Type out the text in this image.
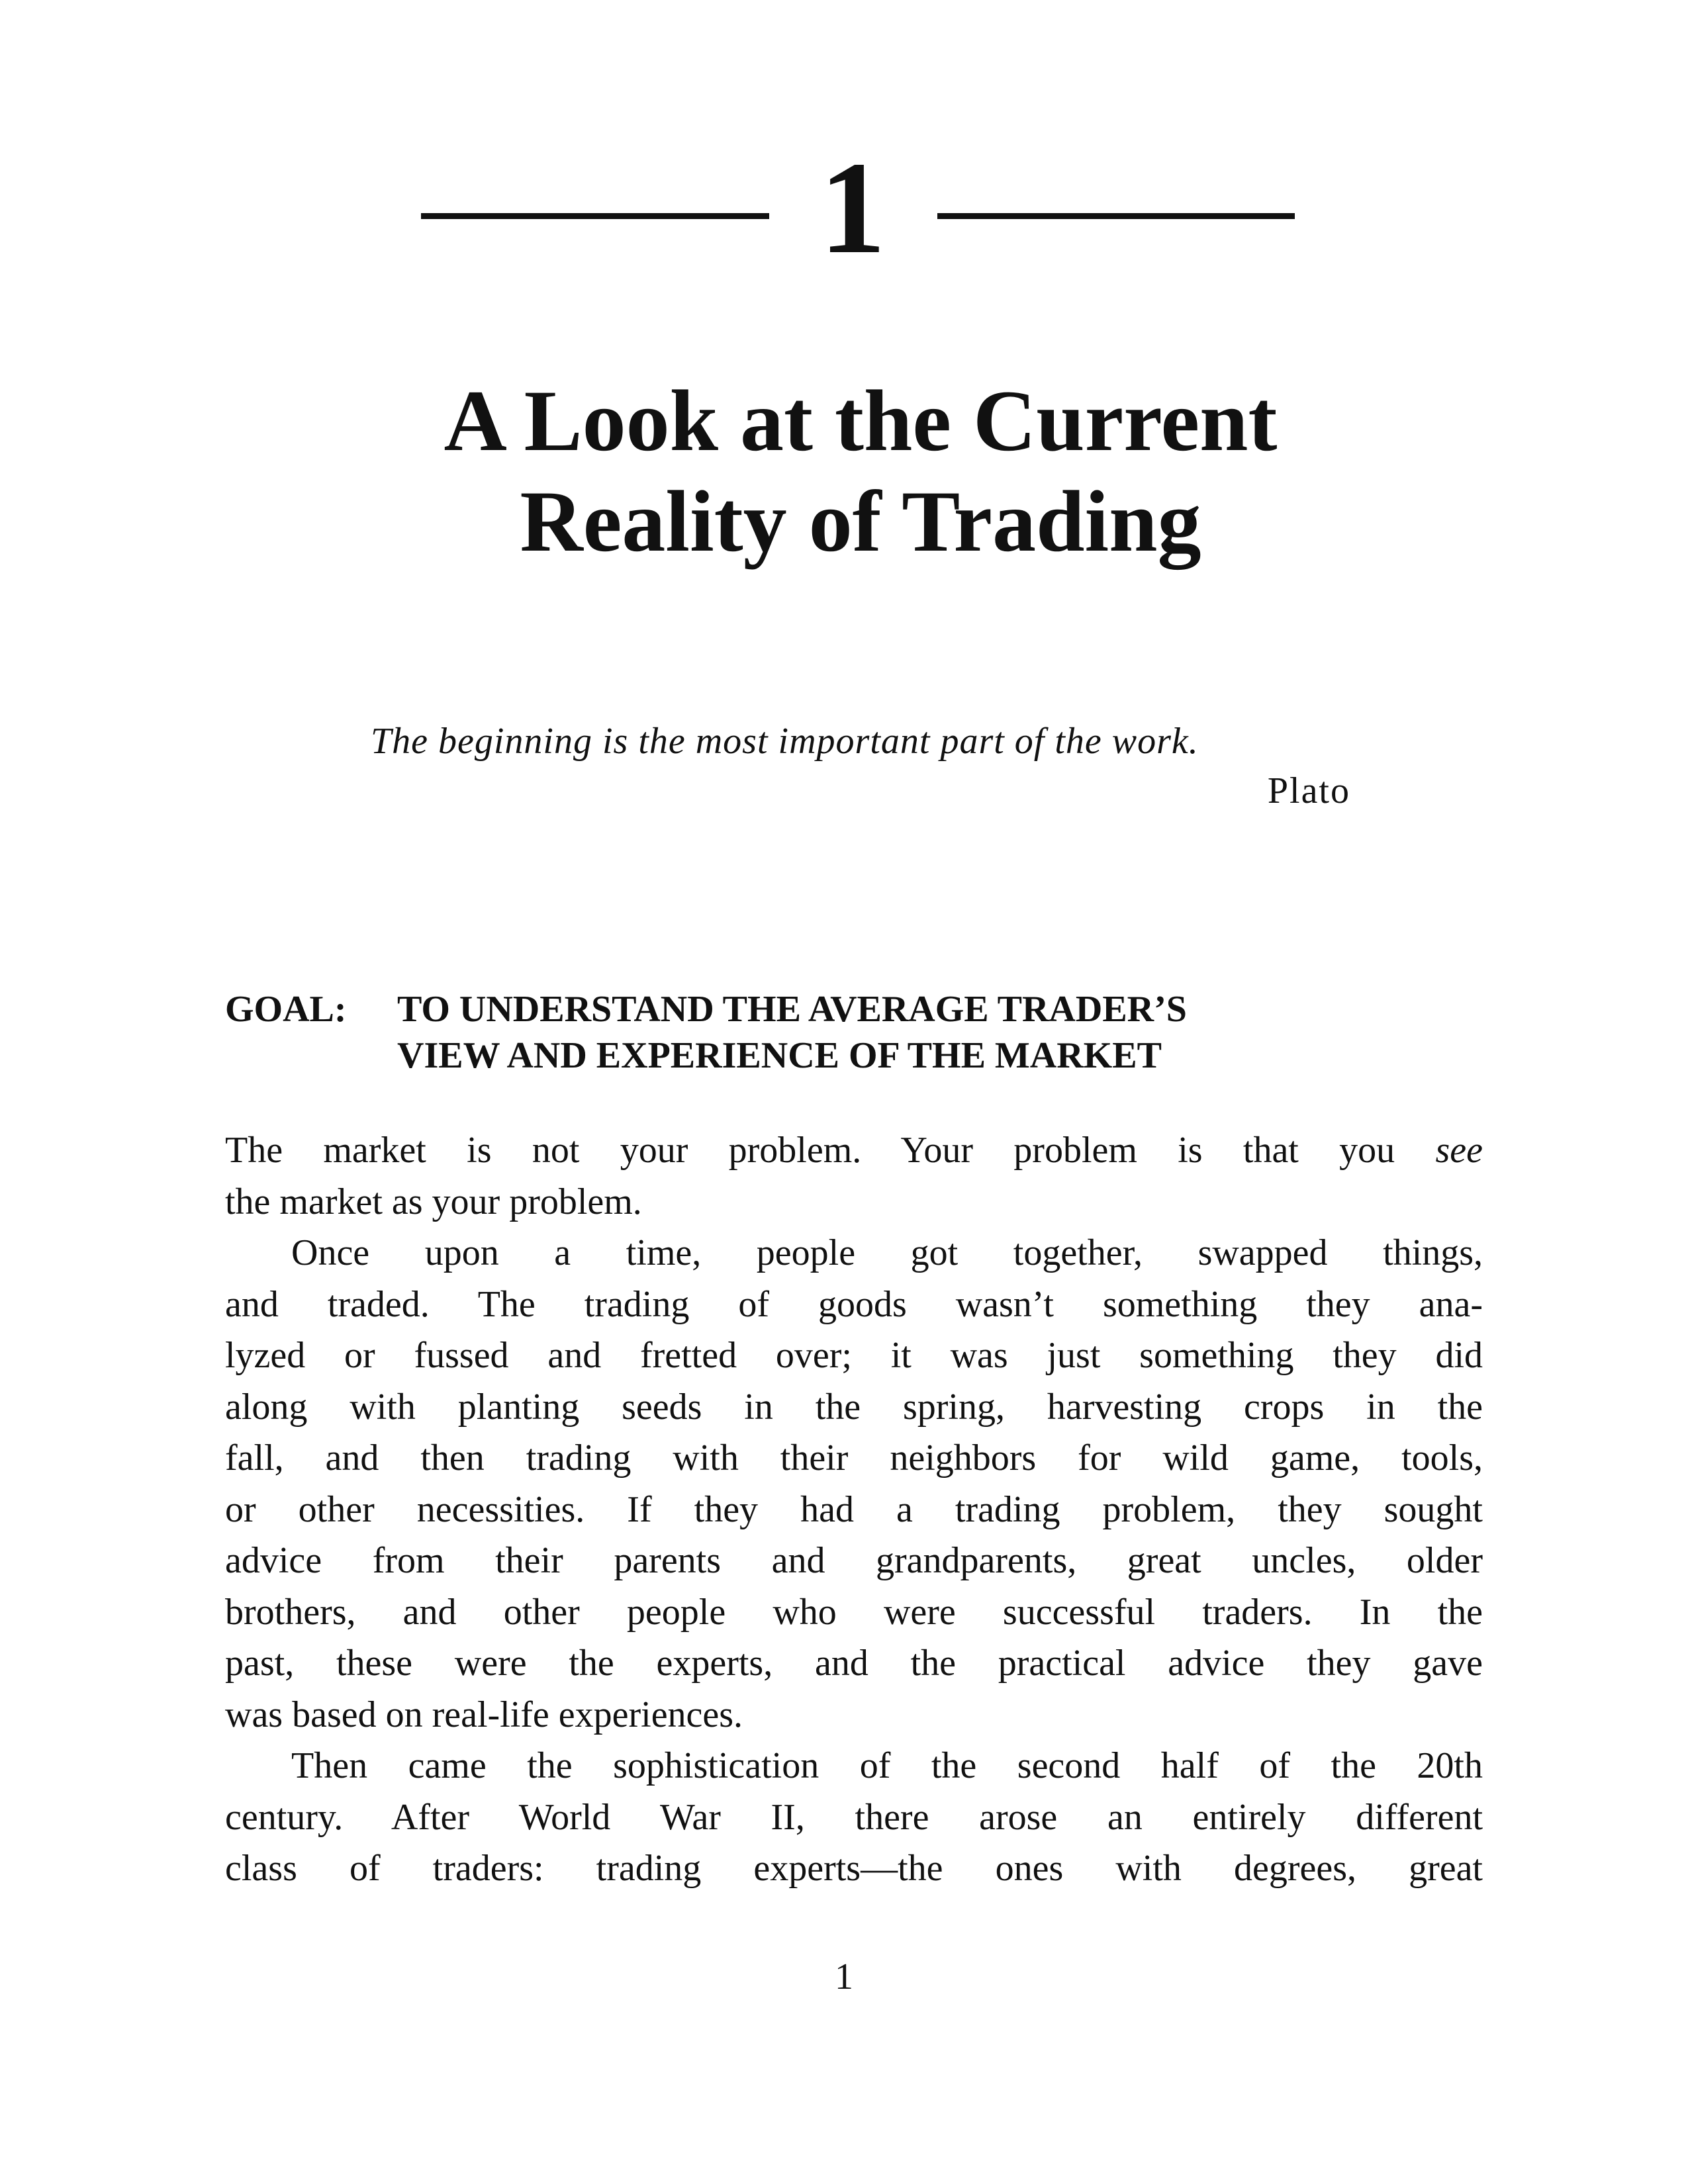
1
A Look at the Current
Reality of Trading
The beginning is the most important part of the work.
Plato
GOAL:	TO UNDERSTAND THE AVERAGE TRADER’S
VIEW AND EXPERIENCE OF THE MARKET

The market is not your problem. Your problem is that you see
the market as your problem.

Once upon a time, people got together, swapped things,
and traded. The trading of goods wasn’t something they ana-
lyzed or fussed and fretted over; it was just something they did
along with planting seeds in the spring, harvesting crops in the
fall, and then trading with their neighbors for wild game, tools,
or other necessities. If they had a trading problem, they sought
advice from their parents and grandparents, great uncles, older
brothers, and other people who were successful traders. In the
past, these were the experts, and the practical advice they gave
was based on real-life experiences.

Then came the sophistication of the second half of the 20th
century. After World War II, there arose an entirely different
class of traders: trading experts—the ones with degrees, great

1
